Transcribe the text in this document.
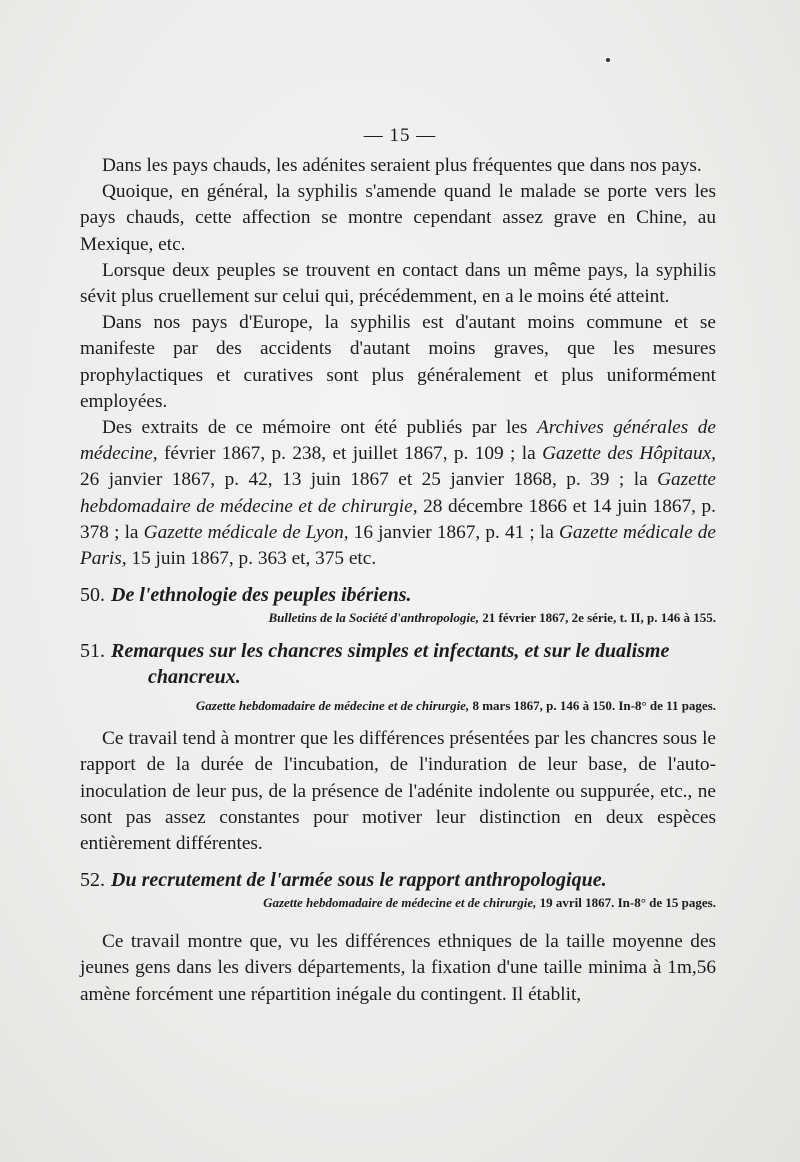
— 15 —

Dans les pays chauds, les adénites seraient plus fréquentes que dans nos pays.

Quoique, en général, la syphilis s'amende quand le malade se porte vers les pays chauds, cette affection se montre cependant assez grave en Chine, au Mexique, etc.

Lorsque deux peuples se trouvent en contact dans un même pays, la syphilis sévit plus cruellement sur celui qui, précédemment, en a le moins été atteint.

Dans nos pays d'Europe, la syphilis est d'autant moins commune et se manifeste par des accidents d'autant moins graves, que les mesures prophylactiques et curatives sont plus généralement et plus uniformément employées.

Des extraits de ce mémoire ont été publiés par les Archives générales de médecine, février 1867, p. 238, et juillet 1867, p. 109 ; la Gazette des Hôpitaux, 26 janvier 1867, p. 42, 13 juin 1867 et 25 janvier 1868, p. 39 ; la Gazette hebdomadaire de médecine et de chirurgie, 28 décembre 1866 et 14 juin 1867, p. 378 ; la Gazette médicale de Lyon, 16 janvier 1867, p. 41 ; la Gazette médicale de Paris, 15 juin 1867, p. 363 et, 375 etc.

50. De l'ethnologie des peuples ibériens.

Bulletins de la Société d'anthropologie, 21 février 1867, 2e série, t. II, p. 146 à 155.

51. Remarques sur les chancres simples et infectants, et sur le dualisme
chancreux.

Gazette hebdomadaire de médecine et de chirurgie, 8 mars 1867, p. 146 à 150. In-8° de 11 pages.

Ce travail tend à montrer que les différences présentées par les chancres sous le rapport de la durée de l'incubation, de l'induration de leur base, de l'auto-inoculation de leur pus, de la présence de l'adénite indolente ou suppurée, etc., ne sont pas assez constantes pour motiver leur distinction en deux espèces entièrement différentes.

52. Du recrutement de l'armée sous le rapport anthropologique.

Gazette hebdomadaire de médecine et de chirurgie, 19 avril 1867. In-8° de 15 pages.

Ce travail montre que, vu les différences ethniques de la taille moyenne des jeunes gens dans les divers départements, la fixation d'une taille minima à 1m,56 amène forcément une répartition inégale du contingent. Il établit,
